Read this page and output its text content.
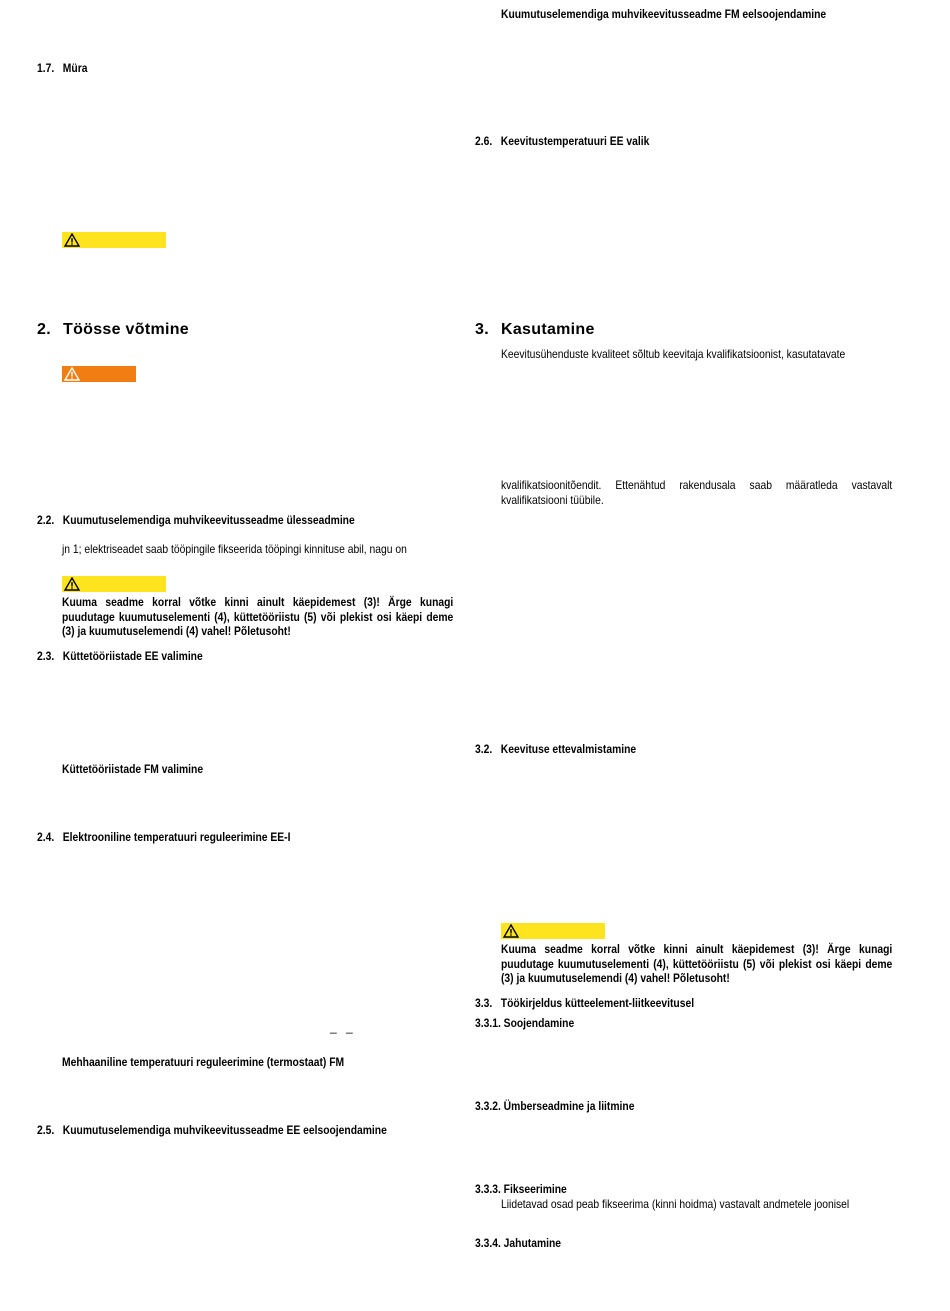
1.7. Müra
2. Töösse võtmine
2.2. Kuumutuselemendiga muhvikeevitusseadme ülesseadmine
jn 1; elektriseadet saab tööpingile fikseerida tööpingi kinnituse abil, nagu on
Kuuma seadme korral võtke kinni ainult käepidemest (3)! Ärge kunagi puudutage kuumutuselementi (4), küttetööriistu (5) või plekist osi käepi deme (3) ja kuumutuselemendi (4) vahel! Põletusoht!
2.3. Küttetööriistade EE valimine
Küttetööriistade FM valimine
2.4. Elektrooniline temperatuuri reguleerimine EE-I
_ _
Mehhaaniline temperatuuri reguleerimine (termostaat) FM
2.5. Kuumutuselemendiga muhvikeevitusseadme EE eelsoojendamine
Kuumutuselemendiga muhvikeevitusseadme FM eelsoojendamine
2.6. Keevitustemperatuuri EE valik
3. Kasutamine
Keevitusühenduste kvaliteet sõltub keevitaja kvalifikatsioonist, kasutatavate
kvalifikatsioonitõendit. Ettenähtud rakendusala saab määratleda vastavalt kvalifikatsiooni tüübile.
3.2. Keevituse ettevalmistamine
Kuuma seadme korral võtke kinni ainult käepidemest (3)! Ärge kunagi puudutage kuumutuselementi (4), küttetööriistu (5) või plekist osi käepi deme (3) ja kuumutuselemendi (4) vahel! Põletusoht!
3.3. Töökirjeldus kütteelement-liitkeevitusel
3.3.1. Soojendamine
3.3.2. Ümberseadmine ja liitmine
3.3.3. Fikseerimine
Liidetavad osad peab fikseerima (kinni hoidma) vastavalt andmetele joonisel
3.3.4. Jahutamine
